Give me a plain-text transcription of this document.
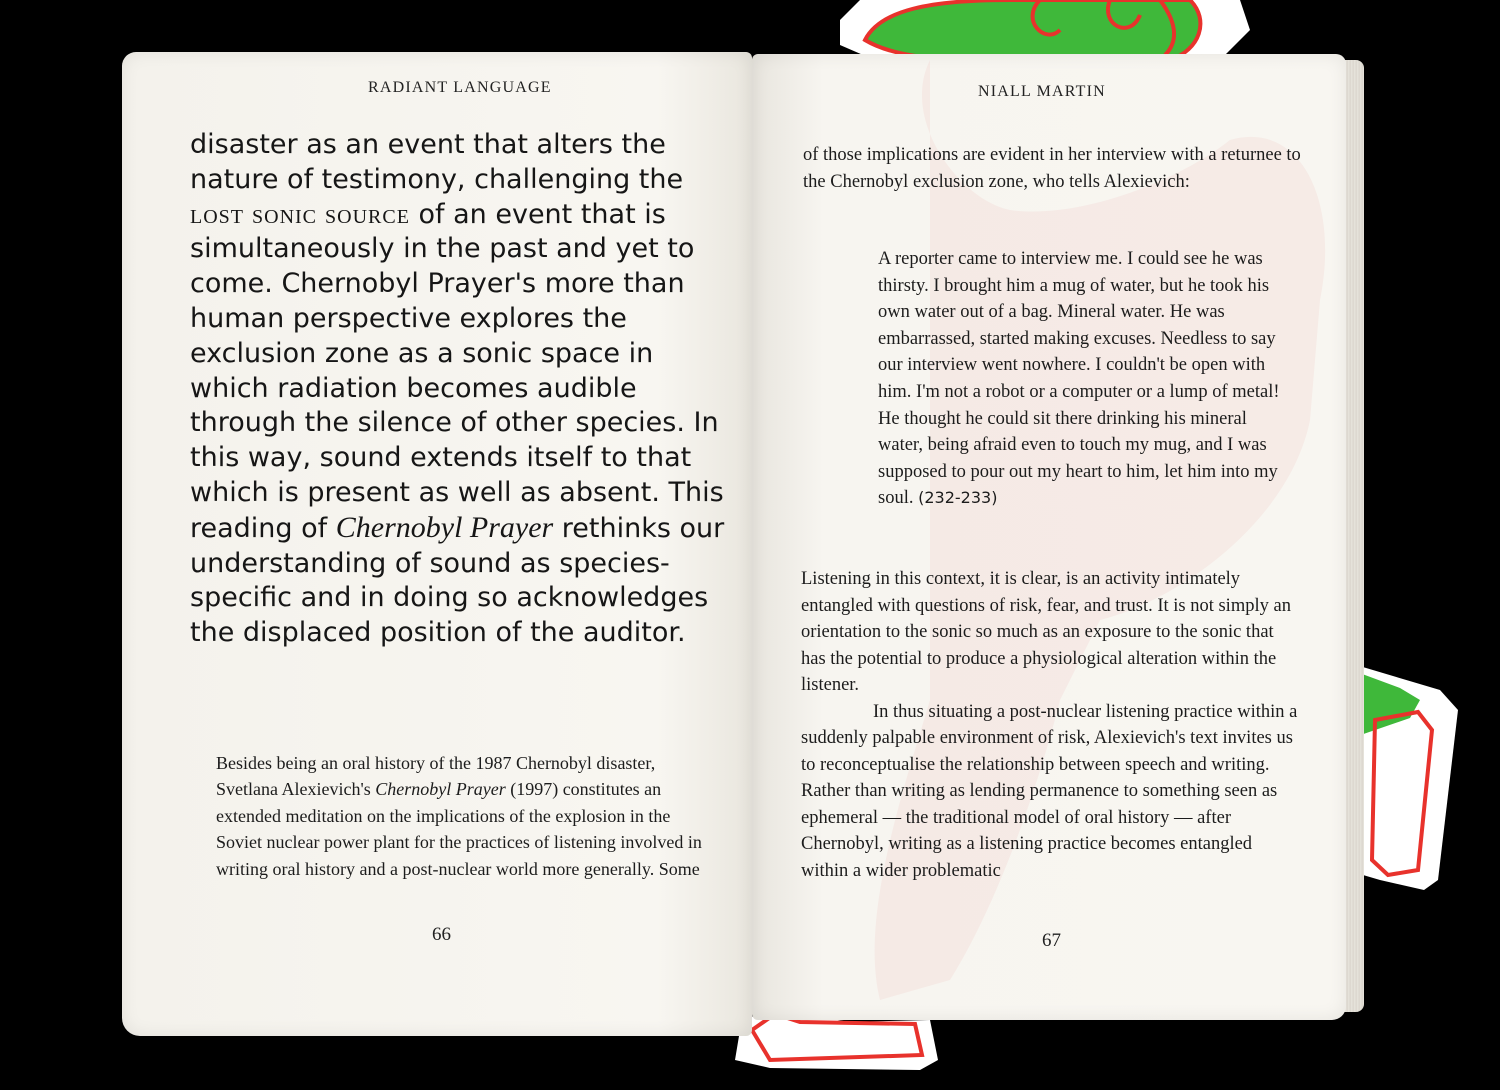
RADIANT LANGUAGE	NIALL MARTIN

disaster as an event that alters the nature of testimony, challenging the lost sonic source of an event that is simultaneously in the past and yet to come. Chernobyl Prayer's more than human perspective explores the exclusion zone as a sonic space in which radiation becomes audible through the silence of other species. In this way, sound extends itself to that which is present as well as absent. This reading of Chernobyl Prayer rethinks our understanding of sound as species-specific and in doing so acknowledges the displaced position of the auditor.

Besides being an oral history of the 1987 Chernobyl disaster, Svetlana Alexievich's Chernobyl Prayer (1997) constitutes an extended meditation on the implications of the explosion in the Soviet nuclear power plant for the practices of listening involved in writing oral history and a post-nuclear world more generally. Some

66

of those implications are evident in her interview with a returnee to the Chernobyl exclusion zone, who tells Alexievich:

A reporter came to interview me. I could see he was thirsty. I brought him a mug of water, but he took his own water out of a bag. Mineral water. He was embarrassed, started making excuses. Needless to say our interview went nowhere. I couldn't be open with him. I'm not a robot or a computer or a lump of metal! He thought he could sit there drinking his mineral water, being afraid even to touch my mug, and I was supposed to pour out my heart to him, let him into my soul. (232-233)

Listening in this context, it is clear, is an activity intimately entangled with questions of risk, fear, and trust. It is not simply an orientation to the sonic so much as an exposure to the sonic that has the potential to produce a physiological alteration within the listener.
In thus situating a post-nuclear listening practice within a suddenly palpable environment of risk, Alexievich's text invites us to reconceptualise the relationship between speech and writing. Rather than writing as lending permanence to something seen as ephemeral — the traditional model of oral history — after Chernobyl, writing as a listening practice becomes entangled within a wider problematic

67
